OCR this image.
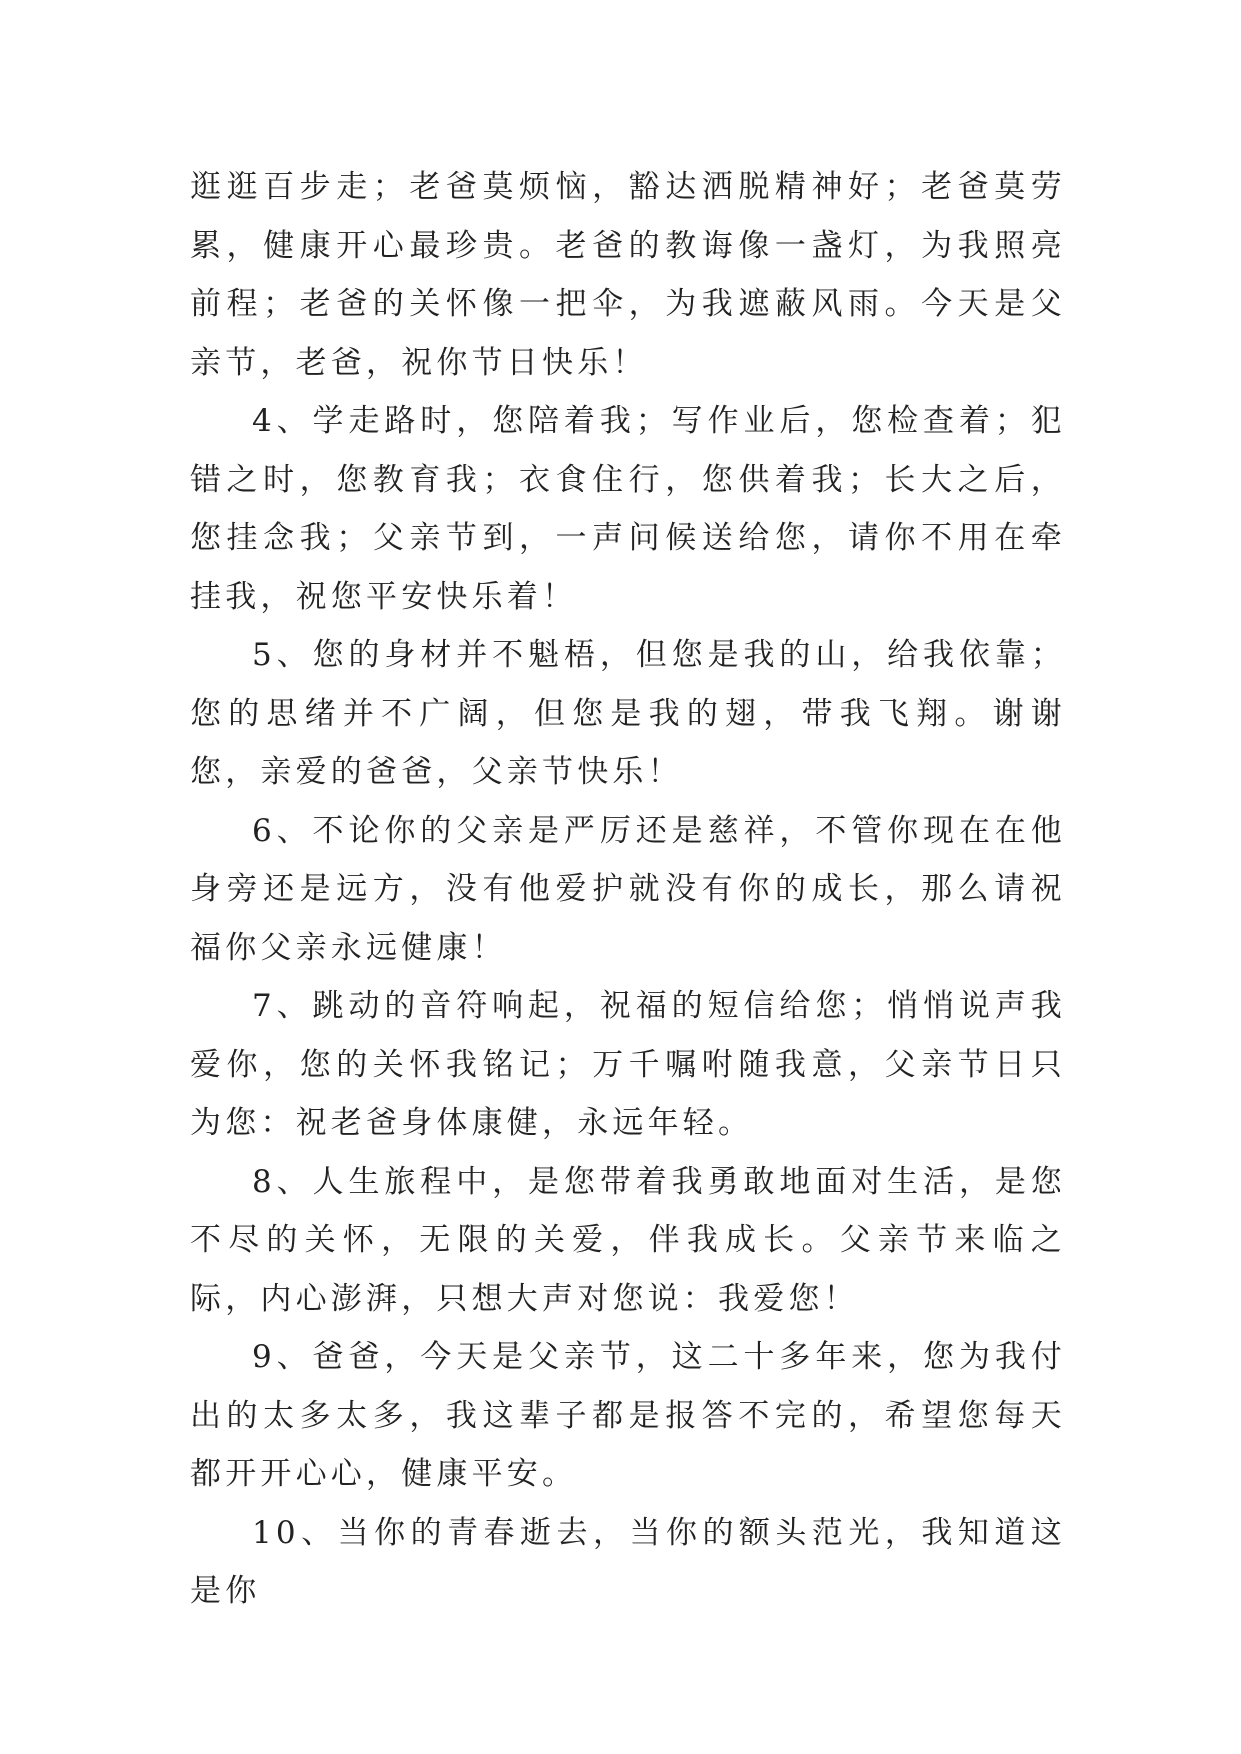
逛逛百步走；老爸莫烦恼，豁达洒脱精神好；老爸莫劳累，健康开心最珍贵。老爸的教诲像一盏灯，为我照亮前程；老爸的关怀像一把伞，为我遮蔽风雨。今天是父亲节，老爸，祝你节日快乐！

4、学走路时，您陪着我；写作业后，您检查着；犯错之时，您教育我；衣食住行，您供着我；长大之后，您挂念我；父亲节到，一声问候送给您，请你不用在牵挂我，祝您平安快乐着！

5、您的身材并不魁梧，但您是我的山，给我依靠；您的思绪并不广阔，但您是我的翅，带我飞翔。谢谢您，亲爱的爸爸，父亲节快乐！

6、不论你的父亲是严厉还是慈祥，不管你现在在他身旁还是远方，没有他爱护就没有你的成长，那么请祝福你父亲永远健康！

7、跳动的音符响起，祝福的短信给您；悄悄说声我爱你，您的关怀我铭记；万千嘱咐随我意，父亲节日只为您：祝老爸身体康健，永远年轻。

8、人生旅程中，是您带着我勇敢地面对生活，是您不尽的关怀，无限的关爱，伴我成长。父亲节来临之际，内心澎湃，只想大声对您说：我爱您！

9、爸爸，今天是父亲节，这二十多年来，您为我付出的太多太多，我这辈子都是报答不完的，希望您每天都开开心心，健康平安。

10、当你的青春逝去，当你的额头范光，我知道这是你
